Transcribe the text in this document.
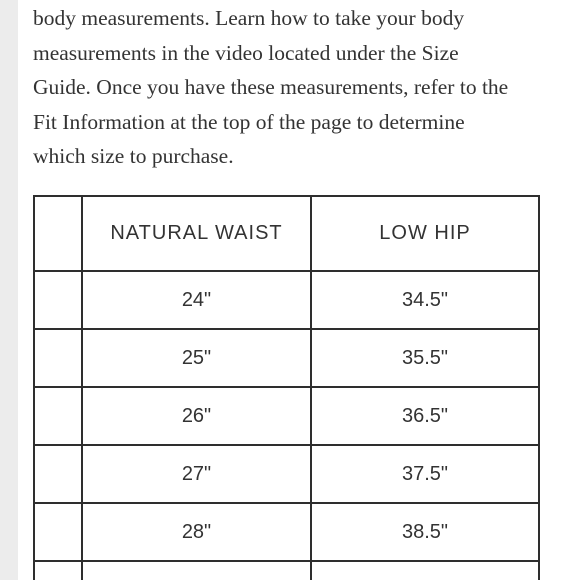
body measurements. Learn how to take your body
measurements in the video located under the Size
Guide. Once you have these measurements, refer to the
Fit Information at the top of the page to determine
which size to purchase.

	NATURAL WAIST	LOW HIP
	24"	34.5"
	25"	35.5"
	26"	36.5"
	27"	37.5"
	28"	38.5"
